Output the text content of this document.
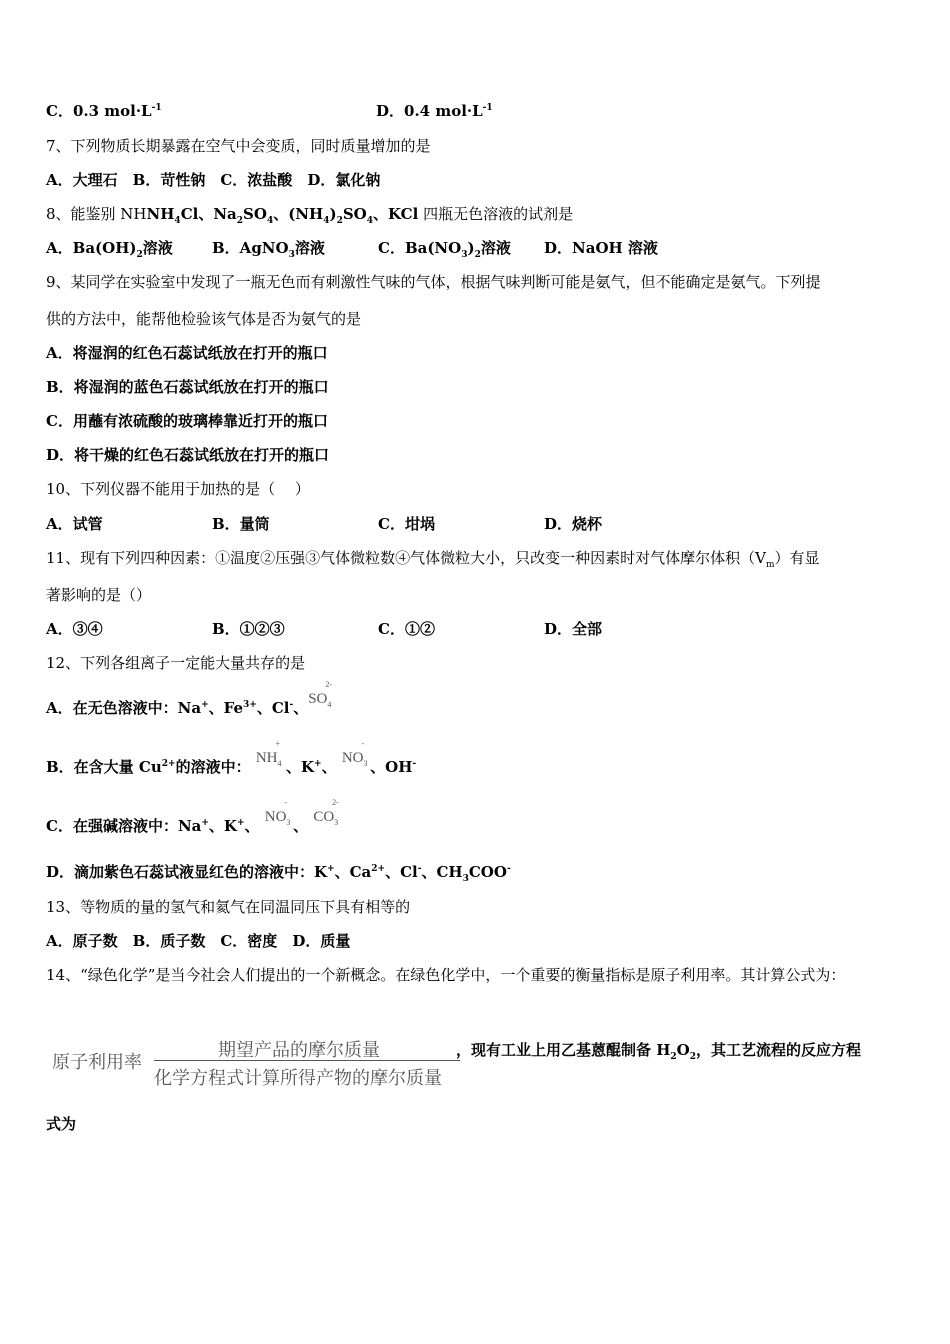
C．0.3 $mol\cdot L^{-1}$	D．0.4 $mol\cdot L^{-1}$
7、下列物质长期暴露在空气中会变质，同时质量增加的是
A．大理石　 B．苛性钠　 C．浓盐酸　 D．氯化钠
8、能鉴别 $NHNH_4Cl$、$Na_2SO_4$、$(NH_4)_2SO_4$、KCl 四瓶无色溶液的试剂是
A．$Ba(OH)_2$溶液	B．AgNO$_3$溶液	C．$Ba(NO_3)_2$溶液 D．NaOH 溶液
9、某同学在实验室中发现了一瓶无色而有刺激性气味的气体，根据气味判断可能是氨气，但不能确定是氨气。下列提
供的方法中，能帮他检验该气体是否为氨气的是
A．将湿润的红色石蕊试纸放在打开的瓶口
B．将湿润的蓝色石蕊试纸放在打开的瓶口
C．用蘸有浓硫酸的玻璃棒靠近打开的瓶口
D．将干燥的红色石蕊试纸放在打开的瓶口
10、下列仪器不能用于加热的是（　 ）
A．试管	B．量筒	C．坩埚	D．烧杯
11、现有下列四种因素：①温度②压强③气体微粒数④气体微粒大小，只改变一种因素时对气体摩尔体积$(V_m)$有显
著影响的是（）
A．③④	B．①②③	C．①②	D．全部
12、下列各组离子一定能大量共存的是
A．在无色溶液中：Na+、$Fe^{3+}$、Cl-、$SO_4^{2-}$
B．在含大量 $Cu^{2+}$的溶液中： $NH_4^+$、K+、 $NO_3^-$、OH-
C．在强碱溶液中：Na+、K+、 $NO_3^-$、 $CO_3^{2-}$
D．滴加紫色石蕊试液显红色的溶液中：K+、$Ca^{2+}$、Cl-、$CH_3COO^-$
13、等物质的量的氢气和氦气在同温同压下具有相等的
A．原子数　 B．质子数　 C．密度　 D．质量
14、“绿色化学”是当今社会人们提出的一个新概念。在绿色化学中，一个重要的衡量指标是原子利用率。其计算公式为：
原子利用率
期望产品的摩尔质量
化学方程式计算所得产物的摩尔质量
，现有工业上用乙基蒽醌制备 $H_2O_2$，其工艺流程的反应方程
式为
